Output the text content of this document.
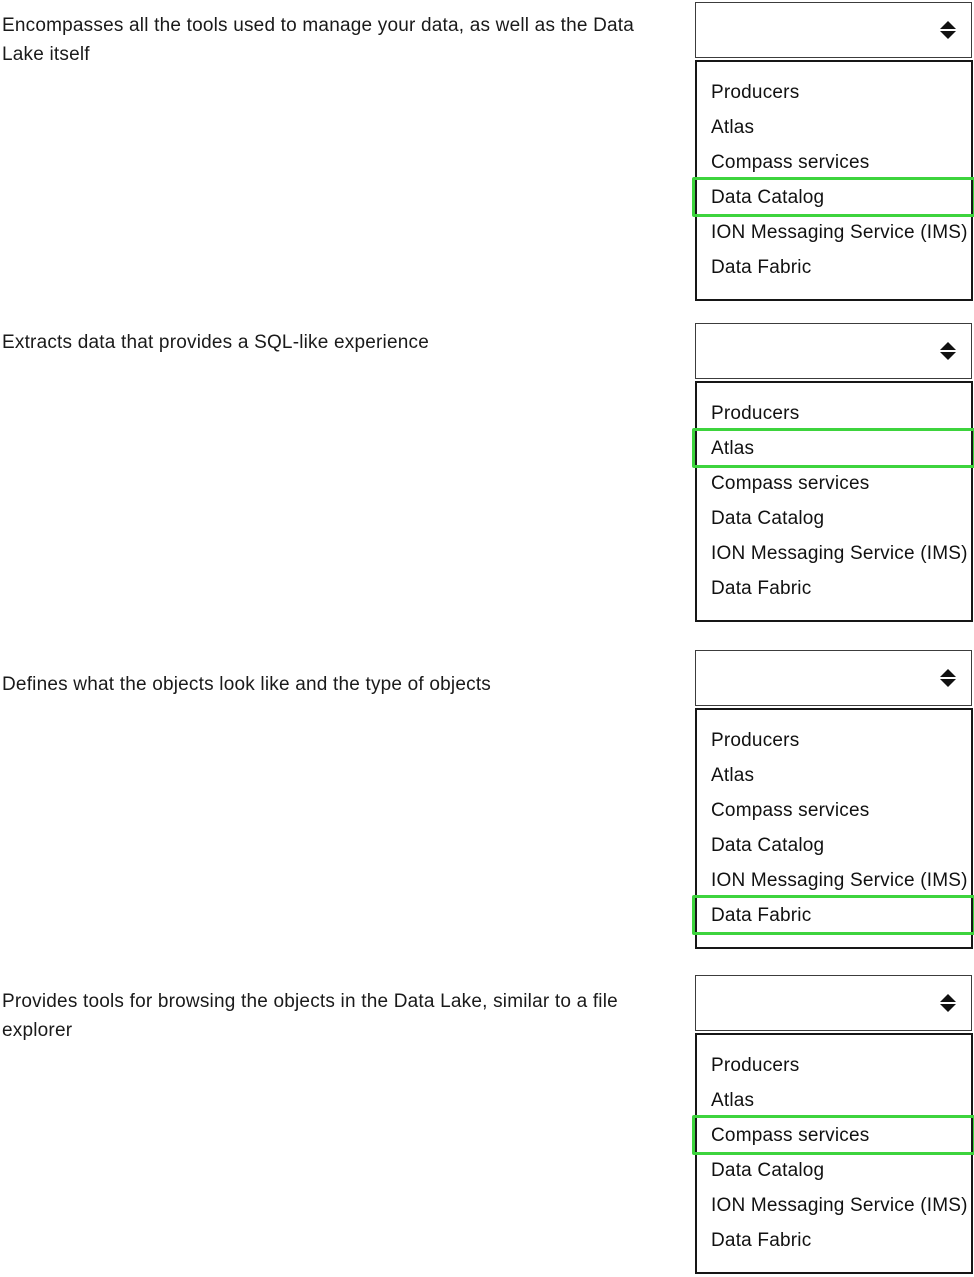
Encompasses all the tools used to manage your data, as well as the Data Lake itself
Extracts data that provides a SQL-like experience
Defines what the objects look like and the type of objects
Provides tools for browsing the objects in the Data Lake, similar to a file explorer
Producers
Atlas
Compass services
Data Catalog
ION Messaging Service (IMS)
Data Fabric
Producers
Atlas
Compass services
Data Catalog
ION Messaging Service (IMS)
Data Fabric
Producers
Atlas
Compass services
Data Catalog
ION Messaging Service (IMS)
Data Fabric
Producers
Atlas
Compass services
Data Catalog
ION Messaging Service (IMS)
Data Fabric
